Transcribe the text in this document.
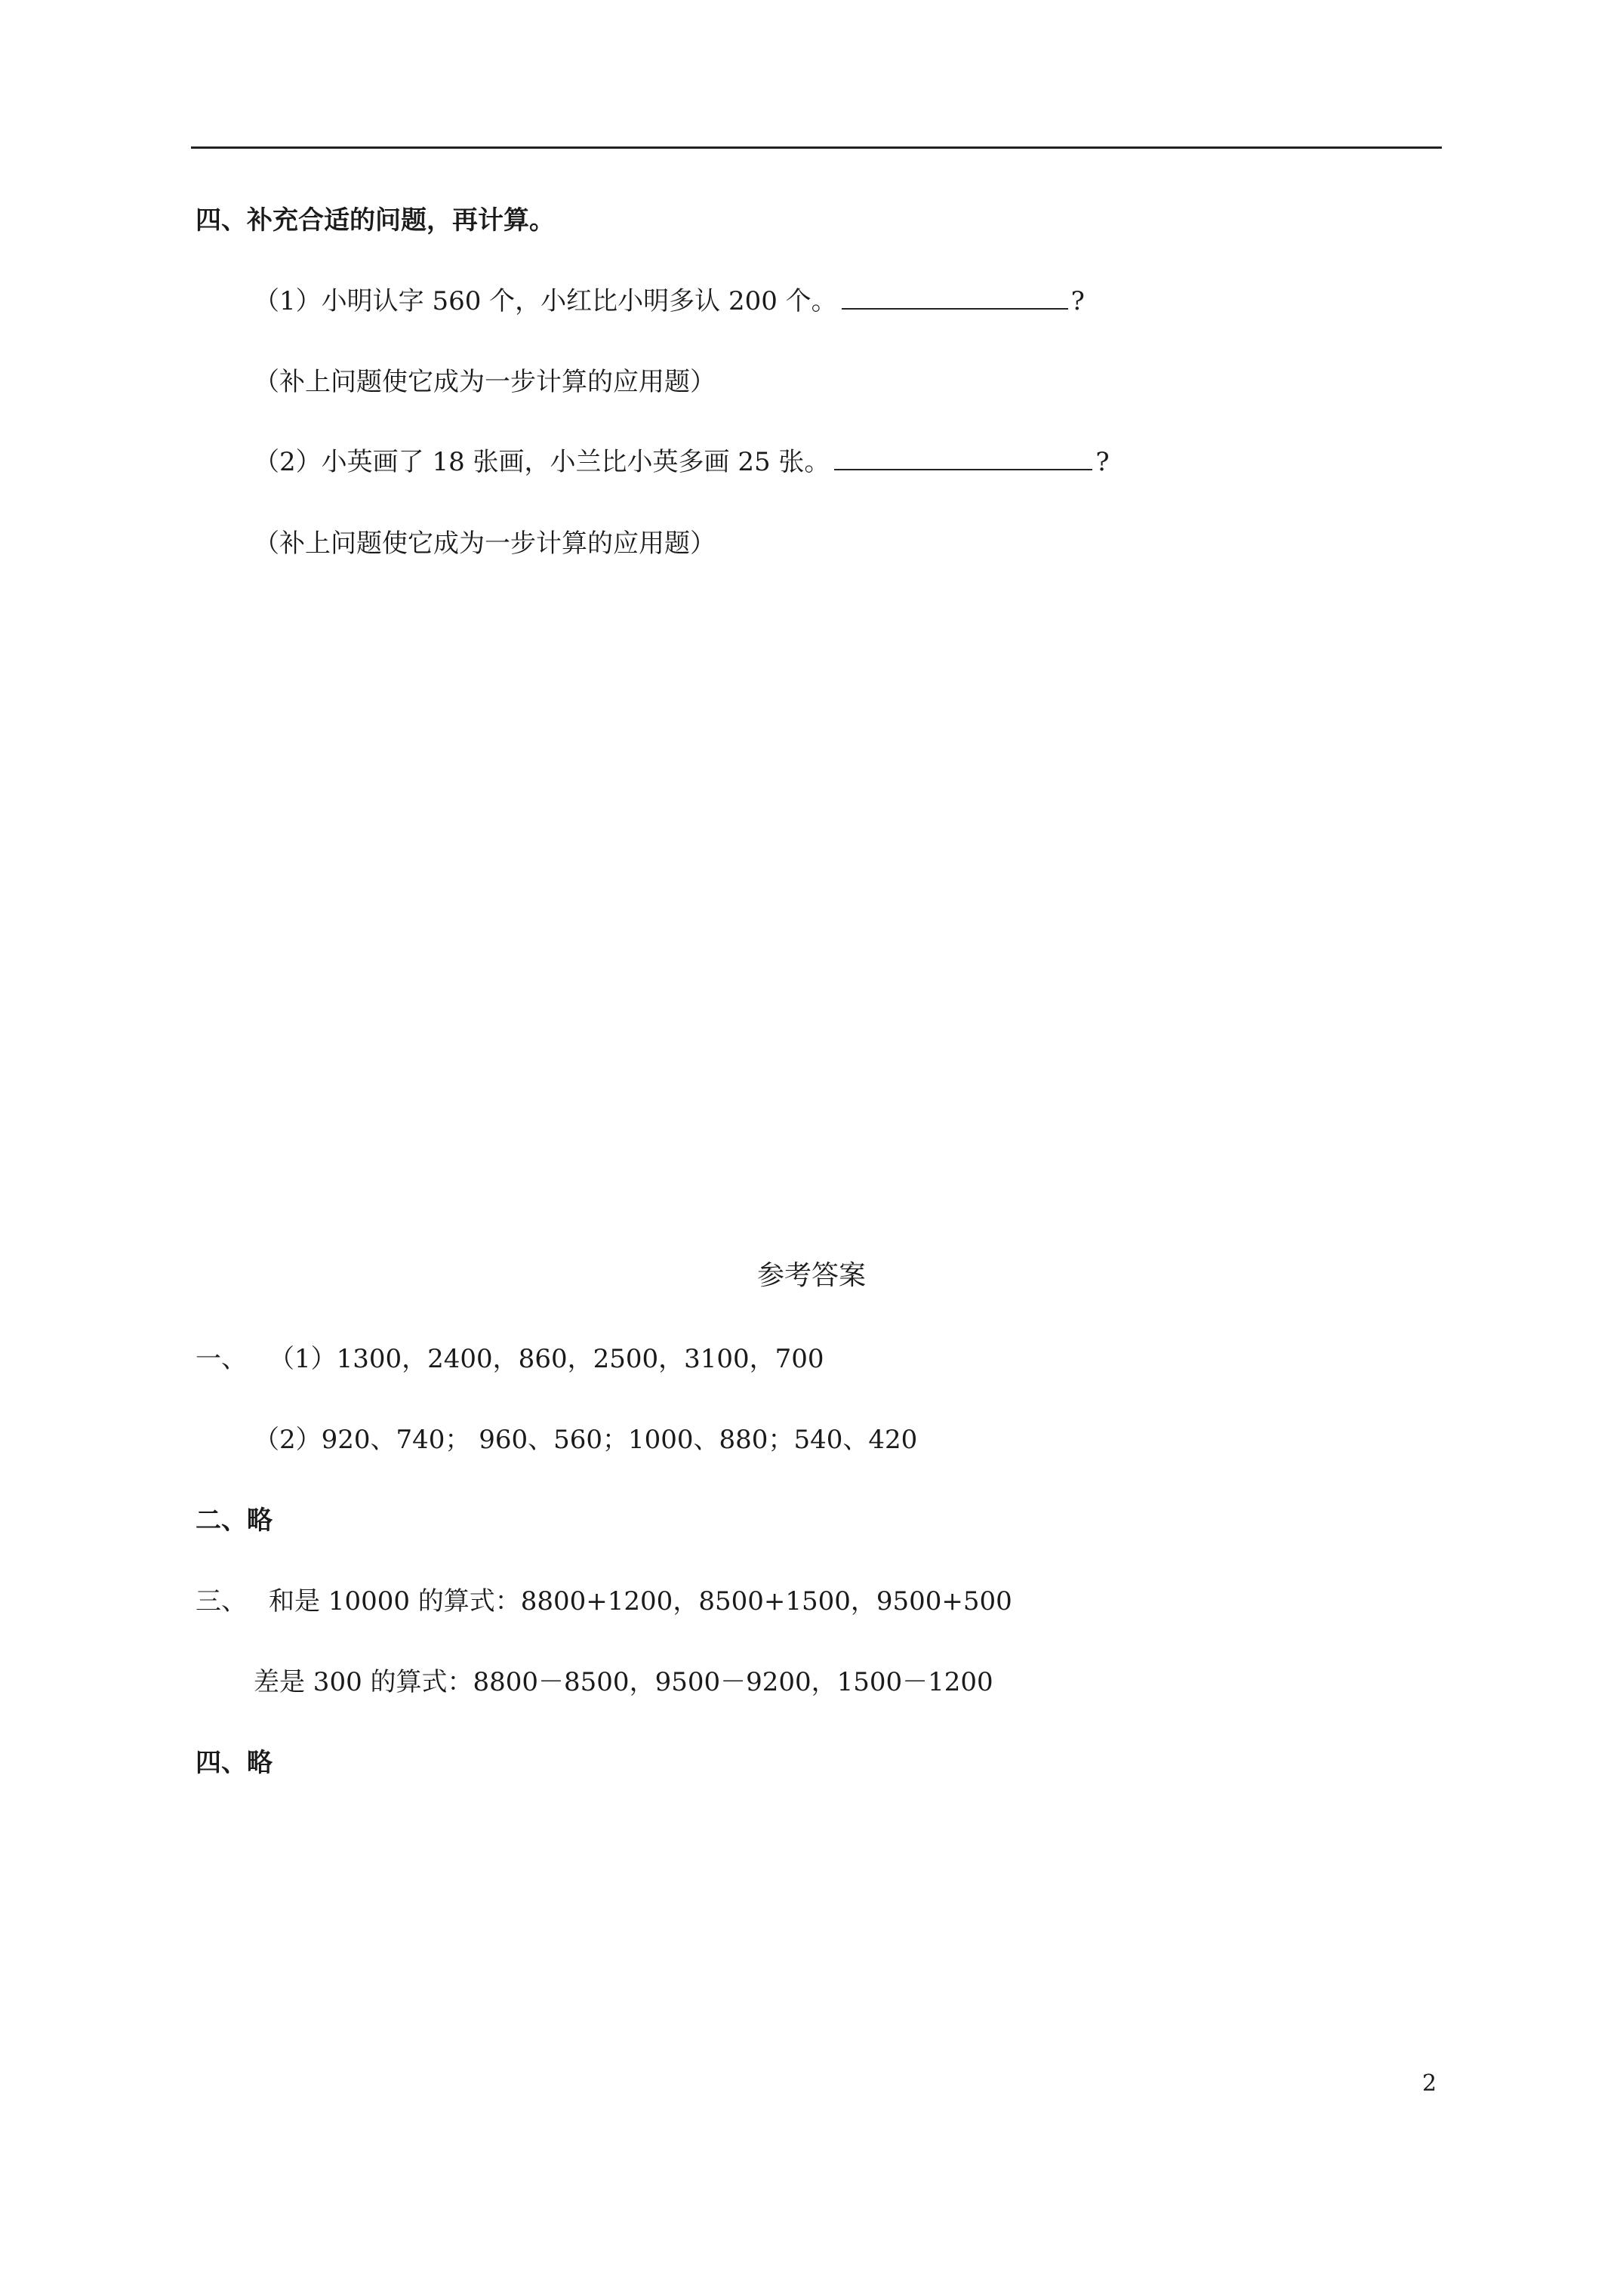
四、补充合适的问题，再计算。
（1）小明认字 560 个，小红比小明多认 200 个。	?
（补上问题使它成为一步计算的应用题）
（2）小英画了 18 张画，小兰比小英多画 25 张。	?
（补上问题使它成为一步计算的应用题）
参考答案
一、 （1）1300，2400，860，2500，3100，700
（2）920、740； 960、560；1000、880；540、420
二、略
三、 和是 10000 的算式：8800+1200，8500+1500，9500+500
差是 300 的算式：8800－8500，9500－9200，1500－1200
四、略
2
